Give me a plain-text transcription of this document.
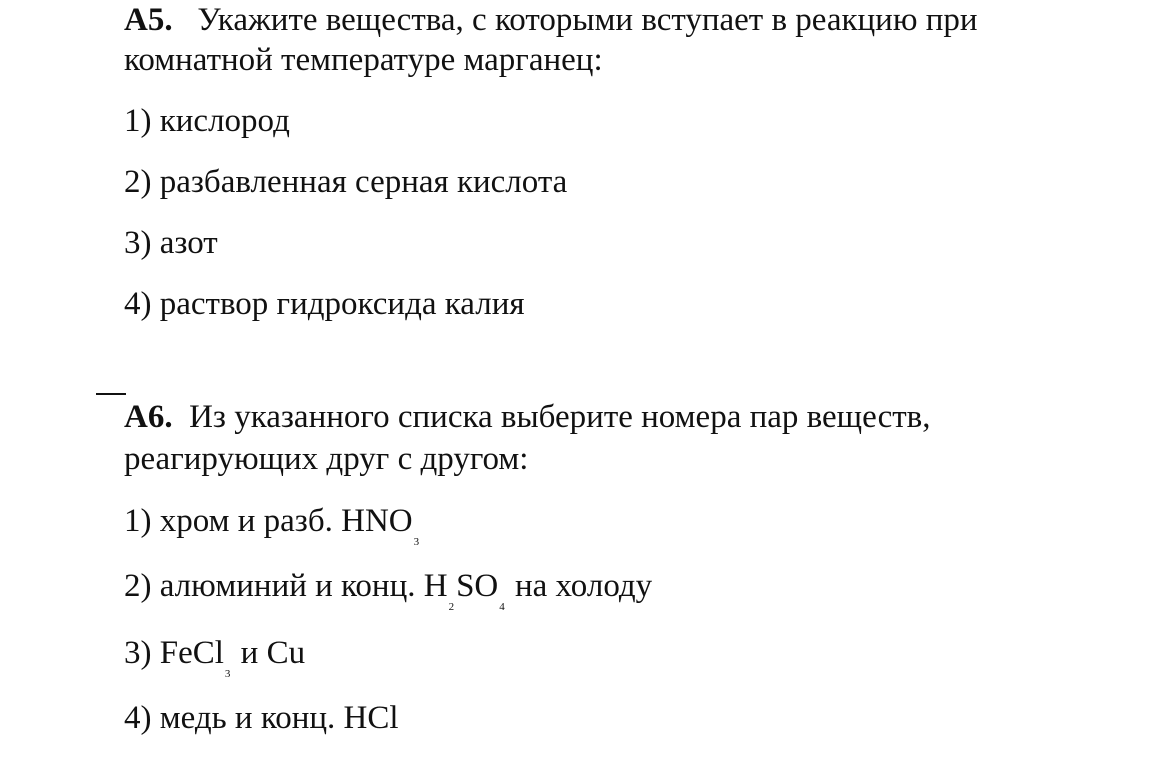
A5. Укажите вещества, с которыми вступает в реакцию при
комнатной температуре марганец:
1) кислород
2) разбавленная серная кислота
3) азот
4) раствор гидроксида калия
A6. Из указанного списка выберите номера пар веществ,
реагирующих друг с другом:
1) хром и разб. $HNO_3$
2) алюминий и конц. $H_2SO_4$ на холоду
3) FeCl$_3$ и Cu
4) медь и конц. HCl
